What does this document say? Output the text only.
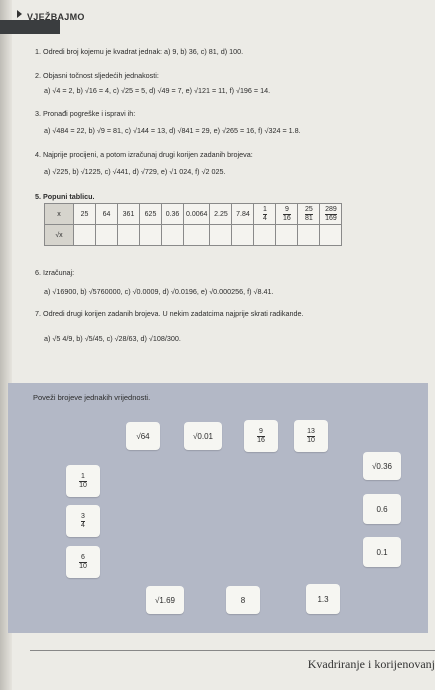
VJEŽBAJMO
1. Odredi broj kojemu je kvadrat jednak: a) 9, b) 36, c) 81, d) 100.
2. Objasni točnost sljedećih jednakosti:
a) √4 = 2, b) √16 = 4, c) √25 = 5, d) √49 = 7, e) √121 = 11, f) √196 = 14.
3. Pronađi pogreške i ispravi ih:
a) √484 = 22, b) √9 = 81, c) √144 = 13, d) √841 = 29, e) √265 = 16, f) √324 = 1.8.
4. Najprije procijeni, a potom izračunaj drugi korijen zadanih brojeva:
a) √225, b) √1225, c) √441, d) √729, e) √1 024, f) √2 025.
5. Popuni tablicu.
x	25	64	361	625	0.36	0.0064	2.25	7.84	$\frac{1}{4}$	$\frac{9}{16}$	$\frac{25}{81}$	$\frac{289}{169}$

√x												
6. Izračunaj:
a) √16900, b) √5760000, c) √0.0009, d) √0.0196, e) √0.000256, f) √8.41.
7. Odredi drugi korijen zadanih brojeva. U nekim zadatcima najprije skrati radikande.
a) √5 4/9, b) √5/45, c) √28/63, d) √108/300.
Poveži brojeve jednakih vrijednosti.
√64	√0.01	$\frac{9}{16}$	$\frac{13}{10}$
√0.36
$\frac{1}{10}$
0.6
$\frac{3}{4}$
0.1
$\frac{6}{10}$
√1.69	8	1.3
Kvadriranje i korijenovanj
